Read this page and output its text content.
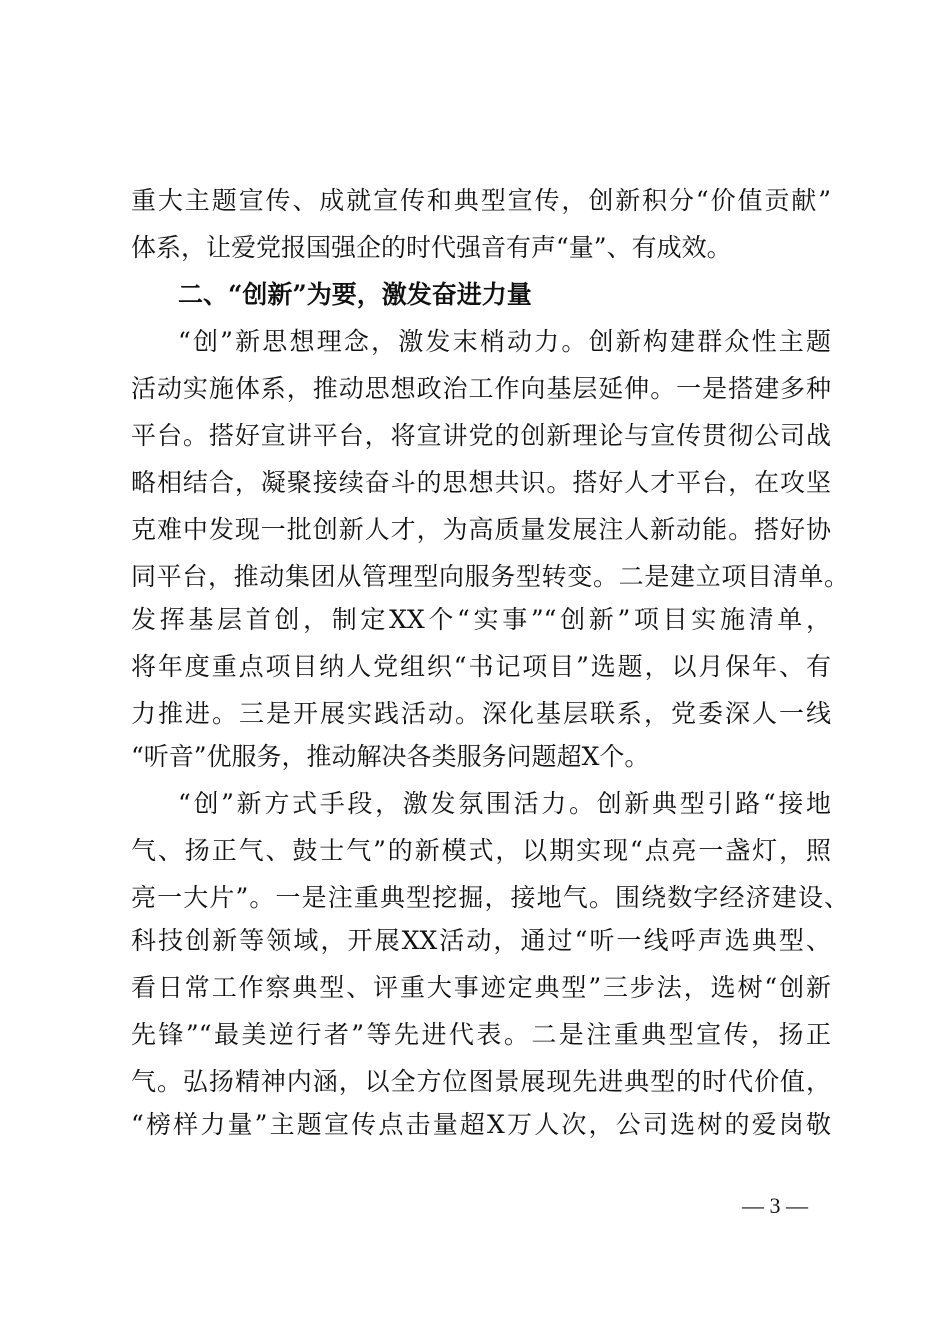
重大主题宣传、成就宣传和典型宣传，创新积分“价值贡献”
体系，让爱党报国强企的时代强音有声“量”、有成效。
二、“创新”为要，激发奋进力量
“创”新思想理念，激发末梢动力。创新构建群众性主题
活动实施体系，推动思想政治工作向基层延伸。一是搭建多种
平台。搭好宣讲平台，将宣讲党的创新理论与宣传贯彻公司战
略相结合，凝聚接续奋斗的思想共识。搭好人才平台，在攻坚
克难中发现一批创新人才，为高质量发展注人新动能。搭好协
同平台，推动集团从管理型向服务型转变。二是建立项目清单。
发挥基层首创，制定XX个“实事”“创新”项目实施清单，
将年度重点项目纳人党组织“书记项目”选题，以月保年、有
力推进。三是开展实践活动。深化基层联系，党委深人一线
“听音”优服务，推动解决各类服务问题超X个。
“创”新方式手段，激发氛围活力。创新典型引路“接地
气、扬正气、鼓士气”的新模式，以期实现“点亮一盏灯，照
亮一大片”。一是注重典型挖掘，接地气。围绕数字经济建设、
科技创新等领域，开展XX活动，通过“听一线呼声选典型、
看日常工作察典型、评重大事迹定典型”三步法，选树“创新
先锋”“最美逆行者”等先进代表。二是注重典型宣传，扬正
气。弘扬精神内涵，以全方位图景展现先进典型的时代价值，
“榜样力量”主题宣传点击量超X万人次，公司选树的爱岗敬
— 3 —
